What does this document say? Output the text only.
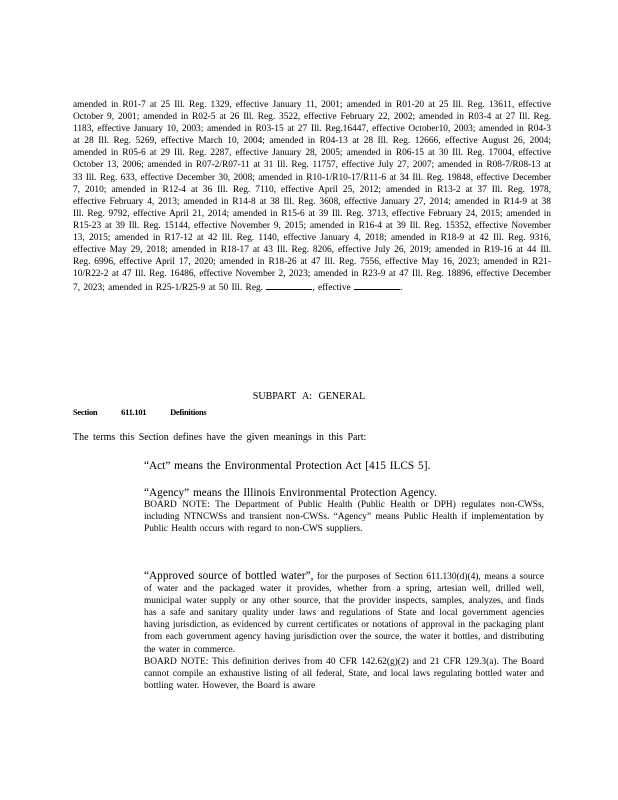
amended in R01-7 at 25 Ill. Reg. 1329, effective January 11, 2001; amended in R01-20 at 25 Ill. Reg. 13611, effective October 9, 2001; amended in R02-5 at 26 Ill. Reg. 3522, effective February 22, 2002; amended in R03-4 at 27 Ill. Reg. 1183, effective January 10, 2003; amended in R03-15 at 27 Ill. Reg.16447, effective October10, 2003; amended in R04-3 at 28 Ill. Reg. 5269, effective March 10, 2004; amended in R04-13 at 28 Ill. Reg. 12666, effective August 26, 2004; amended in R05-6 at 29 Ill. Reg. 2287, effective January 28, 2005; amended in R06-15 at 30 Ill. Reg. 17004, effective October 13, 2006; amended in R07-2/R07-11 at 31 Ill. Reg. 11757, effective July 27, 2007; amended in R08-7/R08-13 at 33 Ill. Reg. 633, effective December 30, 2008; amended in R10-1/R10-17/R11-6 at 34 Ill. Reg. 19848, effective December 7, 2010; amended in R12-4 at 36 Ill. Reg. 7110, effective April 25, 2012; amended in R13-2 at 37 Ill. Reg. 1978, effective February 4, 2013; amended in R14-8 at 38 Ill. Reg. 3608, effective January 27, 2014; amended in R14-9 at 38 Ill. Reg. 9792, effective April 21, 2014; amended in R15-6 at 39 Ill. Reg. 3713, effective February 24, 2015; amended in R15-23 at 39 Ill. Reg. 15144, effective November 9, 2015; amended in R16-4 at 39 Ill. Reg. 15352, effective November 13, 2015; amended in R17-12 at 42 Ill. Reg. 1140, effective January 4, 2018; amended in R18-9 at 42 Ill. Reg. 9316, effective May 29, 2018; amended in R18-17 at 43 Ill. Reg. 8206, effective July 26, 2019; amended in R19-16 at 44 Ill. Reg. 6996, effective April 17, 2020; amended in R18-26 at 47 Ill. Reg. 7556, effective May 16, 2023; amended in R21-10/R22-2 at 47 Ill. Reg. 16486, effective November 2, 2023; amended in R23-9 at 47 Ill. Reg. 18896, effective December 7, 2023; amended in R25-1/R25-9 at 50 Ill. Reg.	, effective	.
SUBPART A: GENERAL
Section	611.101	Definitions
The terms this Section defines have the given meanings in this Part:

“Act” means the Environmental Protection Act [415 ILCS 5].

“Agency” means the Illinois Environmental Protection Agency.

BOARD NOTE: The Department of Public Health (Public Health or DPH) regulates non-CWSs, including NTNCWSs and transient non-CWSs. “Agency” means Public Health if implementation by Public Health occurs with regard to non-CWS suppliers.

“Approved source of bottled water”, for the purposes of Section 611.130(d)(4), means a source of water and the packaged water it provides, whether from a spring, artesian well, drilled well, municipal water supply or any other source, that the provider inspects, samples, analyzes, and finds has a safe and sanitary quality under laws and regulations of State and local government agencies having jurisdiction, as evidenced by current certificates or notations of approval in the packaging plant from each government agency having jurisdiction over the source, the water it bottles, and distributing the water in commerce.

BOARD NOTE: This definition derives from 40 CFR 142.62(g)(2) and 21 CFR 129.3(a). The Board cannot compile an exhaustive listing of all federal, State, and local laws regulating bottled water and bottling water. However, the Board is aware
